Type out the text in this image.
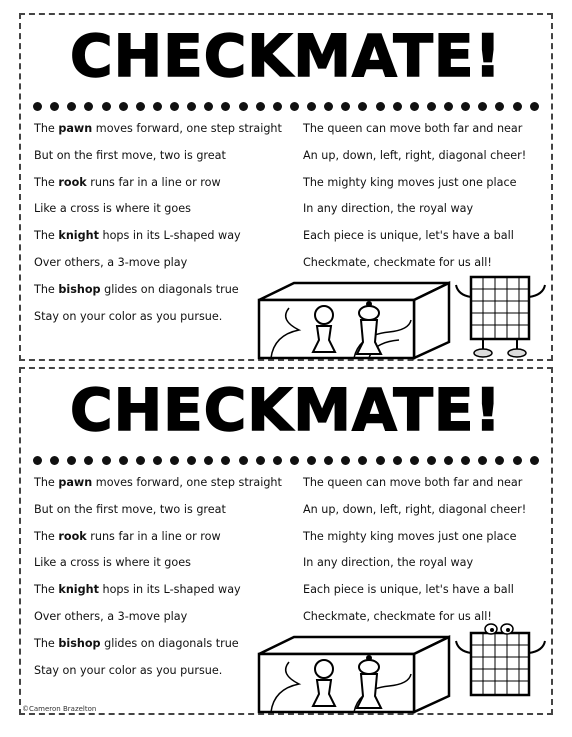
CHECKMATE!
The pawn moves forward, one step straight
But on the first move, two is great
The rook runs far in a line or row
Like a cross is where it goes
The knight hops in its L-shaped way
Over others, a 3-move play
The bishop glides on diagonals true
Stay on your color as you pursue.
The queen can move both far and near
An up, down, left, right, diagonal cheer!
The mighty king moves just one place
In any direction, the royal way
Each piece is unique, let's have a ball
Checkmate, checkmate for us all!
CHECKMATE!
The pawn moves forward, one step straight
But on the first move, two is great
The rook runs far in a line or row
Like a cross is where it goes
The knight hops in its L-shaped way
Over others, a 3-move play
The bishop glides on diagonals true
Stay on your color as you pursue.
The queen can move both far and near
An up, down, left, right, diagonal cheer!
The mighty king moves just one place
In any direction, the royal way
Each piece is unique, let's have a ball
Checkmate, checkmate for us all!
©Cameron Brazelton
